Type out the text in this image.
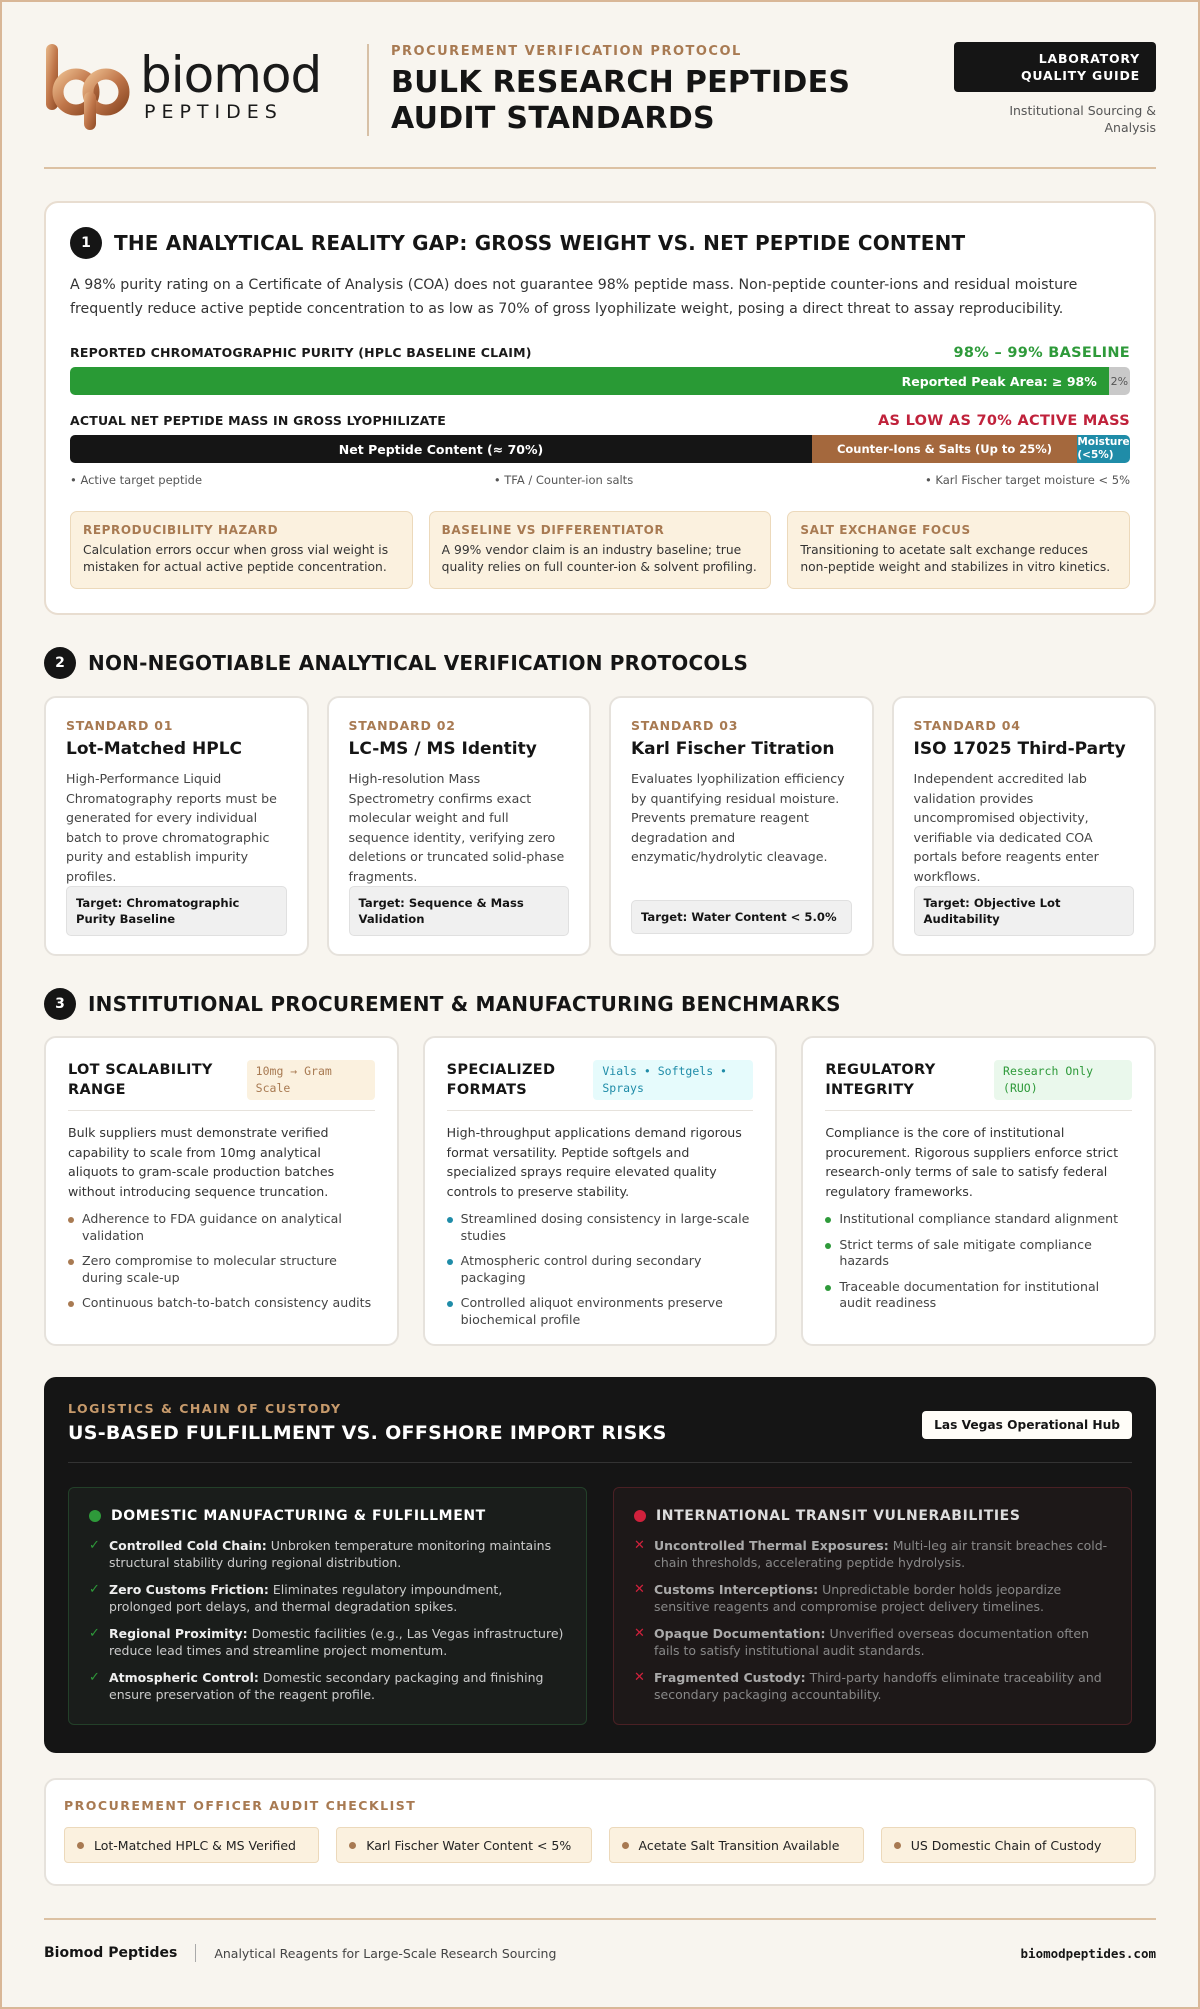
biomod
PEPTIDES
PROCUREMENT VERIFICATION PROTOCOL
BULK RESEARCH PEPTIDES AUDIT STANDARDS
LABORATORY QUALITY GUIDE
Institutional Sourcing & Analysis
1	THE ANALYTICAL REALITY GAP: GROSS WEIGHT VS. NET PEPTIDE CONTENT

A 98% purity rating on a Certificate of Analysis (COA) does not guarantee 98% peptide mass. Non-peptide counter-ions and residual moisture frequently reduce active peptide concentration to as low as 70% of gross lyophilizate weight, posing a direct threat to assay reproducibility.

REPORTED CHROMATOGRAPHIC PURITY (HPLC BASELINE CLAIM)	98% – 99% BASELINE
Reported Peak Area: ≥ 98%	2%
ACTUAL NET PEPTIDE MASS IN GROSS LYOPHILIZATE	AS LOW AS 70% ACTIVE MASS
Net Peptide Content (≈ 70%)	Counter-Ions & Salts (Up to 25%)	Moisture (<5%)
• Active target peptide	• TFA / Counter-ion salts	• Karl Fischer target moisture < 5%
REPRODUCIBILITY HAZARD
Calculation errors occur when gross vial weight is mistaken for actual active peptide concentration.
BASELINE VS DIFFERENTIATOR
A 99% vendor claim is an industry baseline; true quality relies on full counter-ion & solvent profiling.
SALT EXCHANGE FOCUS
Transitioning to acetate salt exchange reduces non-peptide weight and stabilizes in vitro kinetics.
2	NON-NEGOTIABLE ANALYTICAL VERIFICATION PROTOCOLS
STANDARD 01
Lot-Matched HPLC
High-Performance Liquid Chromatography reports must be generated for every individual batch to prove chromatographic purity and establish impurity profiles.
Target: Chromatographic Purity Baseline
STANDARD 02
LC-MS / MS Identity
High-resolution Mass Spectrometry confirms exact molecular weight and full sequence identity, verifying zero deletions or truncated solid-phase fragments.
Target: Sequence & Mass Validation
STANDARD 03
Karl Fischer Titration
Evaluates lyophilization efficiency by quantifying residual moisture. Prevents premature reagent degradation and enzymatic/hydrolytic cleavage.
Target: Water Content < 5.0%
STANDARD 04
ISO 17025 Third-Party
Independent accredited lab validation provides uncompromised objectivity, verifiable via dedicated COA portals before reagents enter workflows.
Target: Objective Lot Auditability
3	INSTITUTIONAL PROCUREMENT & MANUFACTURING BENCHMARKS
LOT SCALABILITY RANGE
10mg → Gram Scale
Bulk suppliers must demonstrate verified capability to scale from 10mg analytical aliquots to gram-scale production batches without introducing sequence truncation.
Adherence to FDA guidance on analytical validation
Zero compromise to molecular structure during scale-up
Continuous batch-to-batch consistency audits
SPECIALIZED FORMATS
Vials • Softgels • Sprays
High-throughput applications demand rigorous format versatility. Peptide softgels and specialized sprays require elevated quality controls to preserve stability.
Streamlined dosing consistency in large-scale studies
Atmospheric control during secondary packaging
Controlled aliquot environments preserve biochemical profile
REGULATORY INTEGRITY
Research Only (RUO)
Compliance is the core of institutional procurement. Rigorous suppliers enforce strict research-only terms of sale to satisfy federal regulatory frameworks.
Institutional compliance standard alignment
Strict terms of sale mitigate compliance hazards
Traceable documentation for institutional audit readiness
LOGISTICS & CHAIN OF CUSTODY
US-BASED FULFILLMENT VS. OFFSHORE IMPORT RISKS	Las Vegas Operational Hub
DOMESTIC MANUFACTURING & FULFILLMENT
✓ Controlled Cold Chain: Unbroken temperature monitoring maintains structural stability during regional distribution.
✓ Zero Customs Friction: Eliminates regulatory impoundment, prolonged port delays, and thermal degradation spikes.
✓ Regional Proximity: Domestic facilities (e.g., Las Vegas infrastructure) reduce lead times and streamline project momentum.
✓ Atmospheric Control: Domestic secondary packaging and finishing ensure preservation of the reagent profile.
INTERNATIONAL TRANSIT VULNERABILITIES
✕ Uncontrolled Thermal Exposures: Multi-leg air transit breaches cold-chain thresholds, accelerating peptide hydrolysis.
✕ Customs Interceptions: Unpredictable border holds jeopardize sensitive reagents and compromise project delivery timelines.
✕ Opaque Documentation: Unverified overseas documentation often fails to satisfy institutional audit standards.
✕ Fragmented Custody: Third-party handoffs eliminate traceability and secondary packaging accountability.
PROCUREMENT OFFICER AUDIT CHECKLIST
Lot-Matched HPLC & MS Verified	Karl Fischer Water Content < 5%	Acetate Salt Transition Available	US Domestic Chain of Custody
Biomod Peptides	Analytical Reagents for Large-Scale Research Sourcing	biomodpeptides.com
